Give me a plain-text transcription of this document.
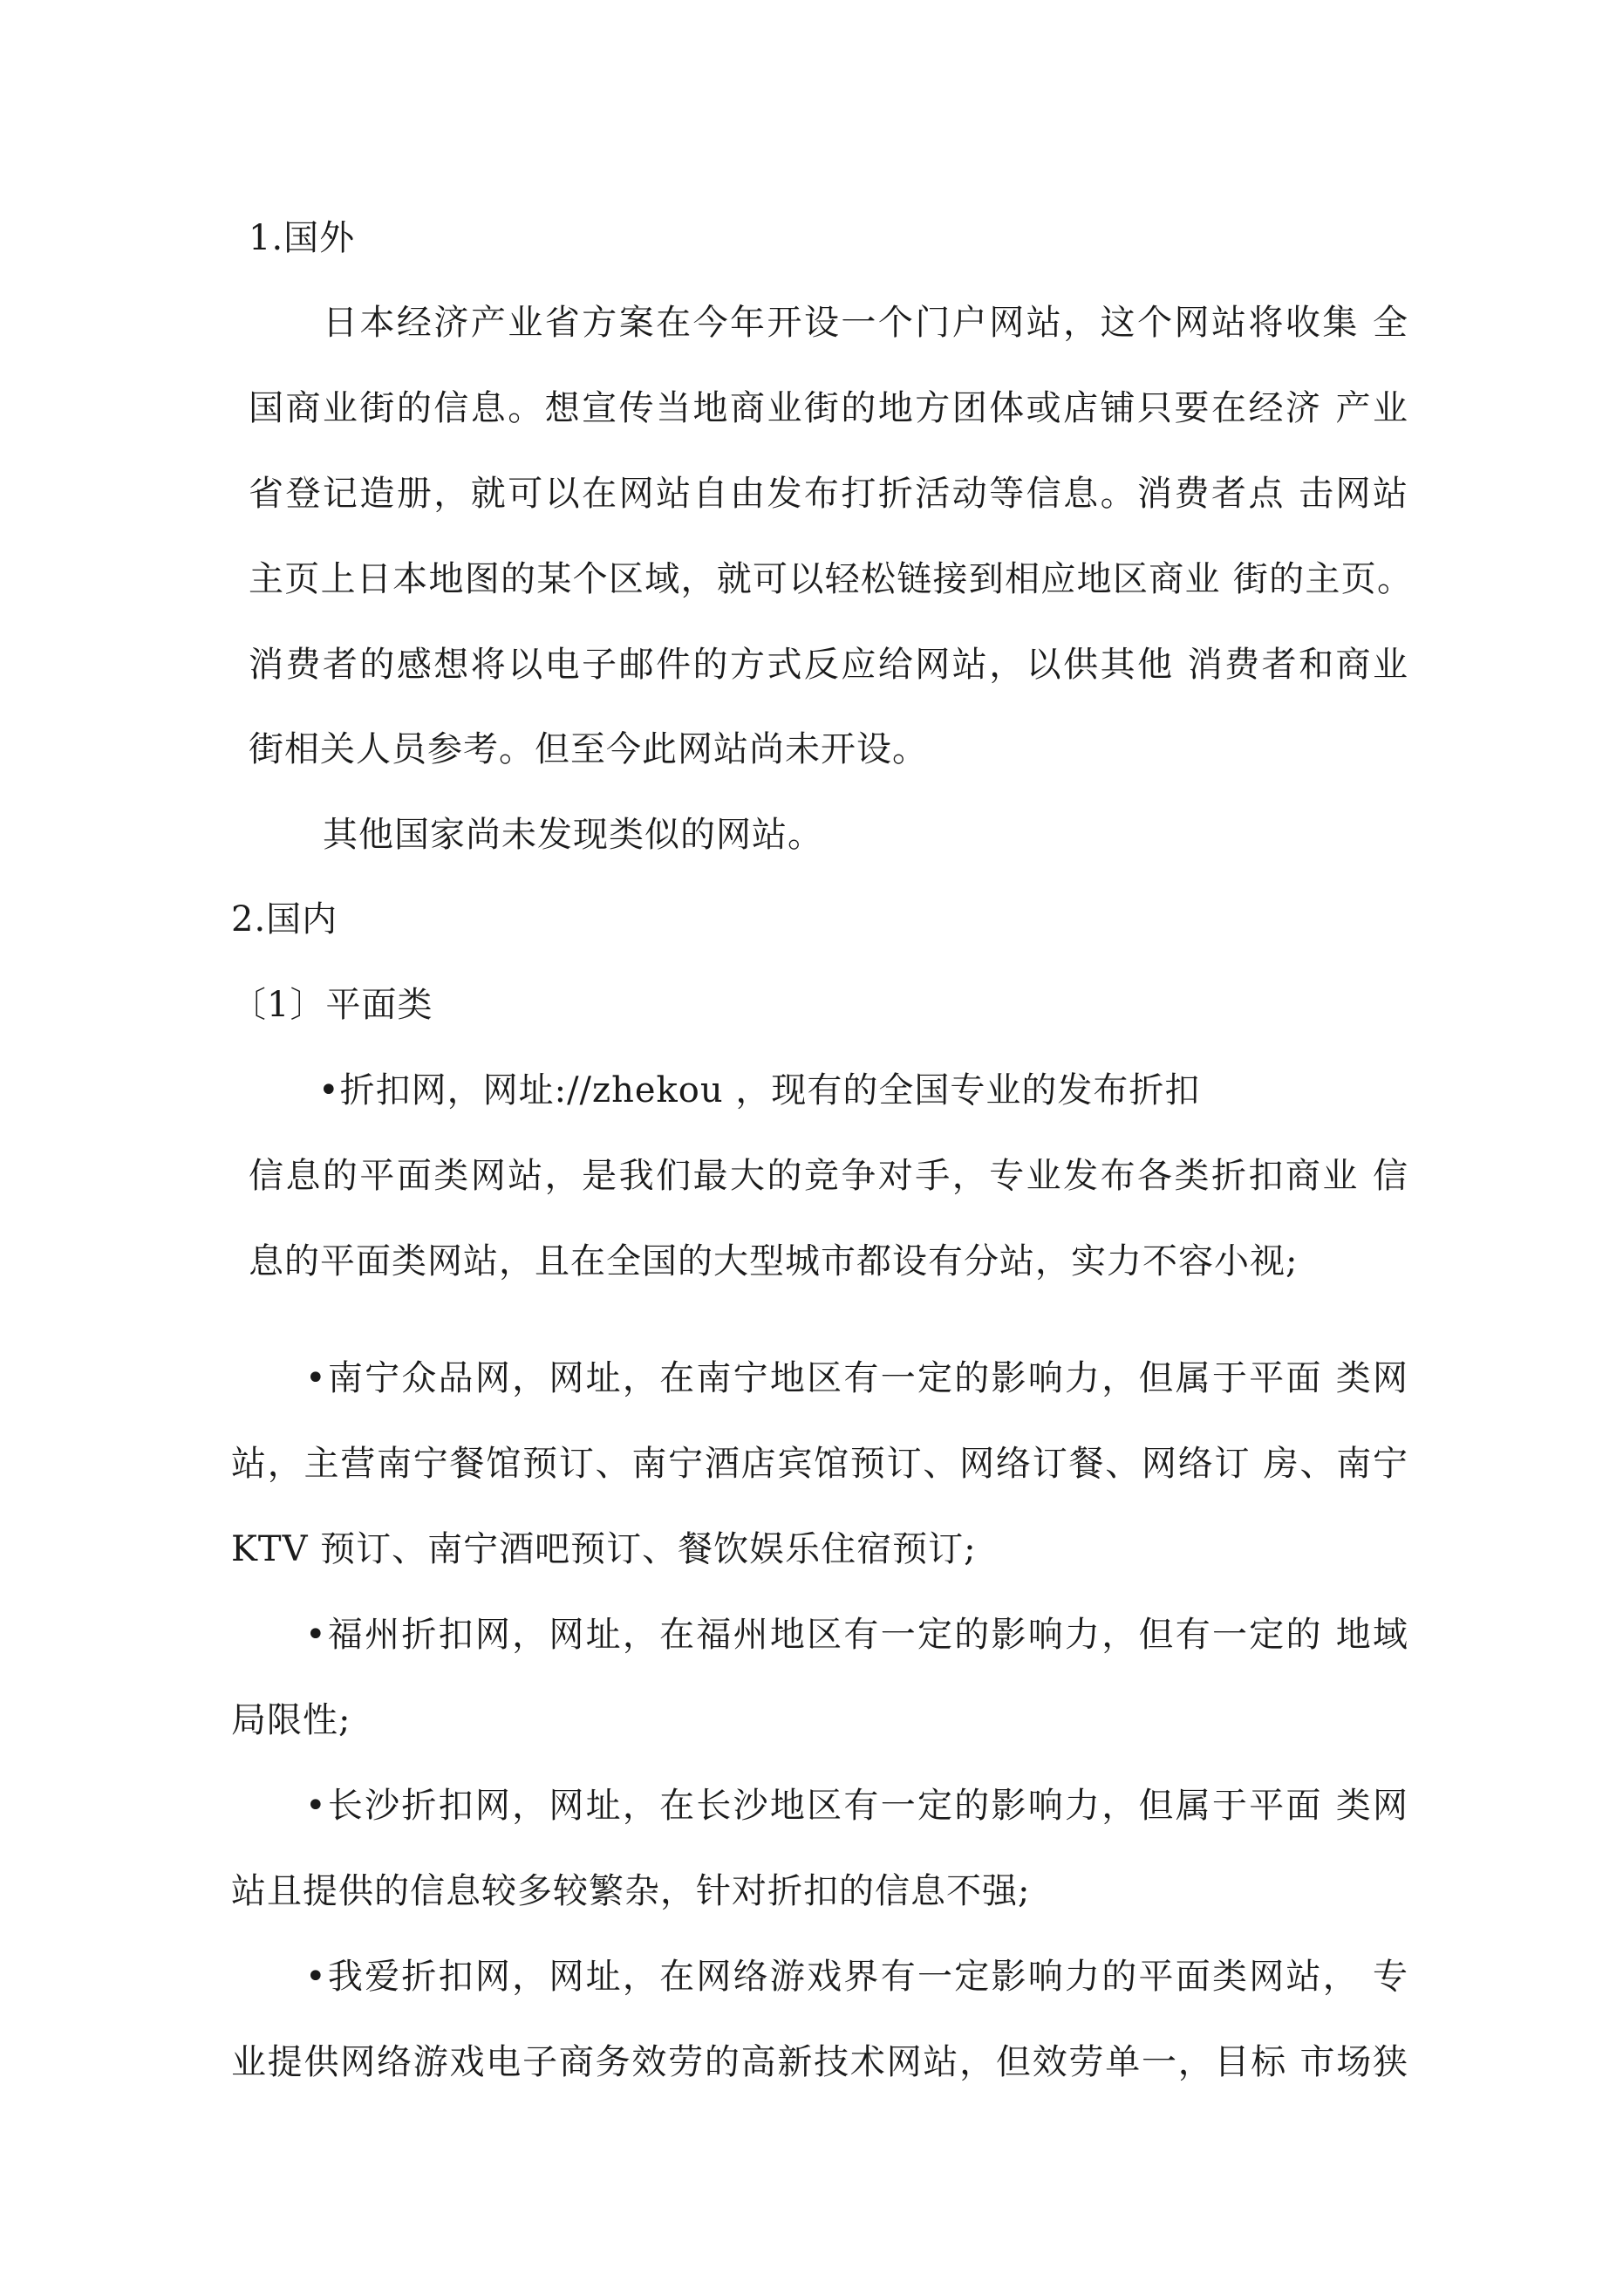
1.国外
日本经济产业省方案在今年开设一个门户网站，这个网站将收集 全
国商业街的信息。想宣传当地商业街的地方团体或店铺只要在经济 产业
省登记造册，就可以在网站自由发布打折活动等信息。消费者点 击网站
主页上日本地图的某个区域，就可以轻松链接到相应地区商业 街的主页。
消费者的感想将以电子邮件的方式反应给网站，以供其他 消费者和商业
街相关人员参考。但至今此网站尚未开设。
其他国家尚未发现类似的网站。
2.国内
〔1〕平面类
•折扣网，网址://zhekou ，现有的全国专业的发布折扣
信息的平面类网站，是我们最大的竞争对手，专业发布各类折扣商业 信
息的平面类网站，且在全国的大型城市都设有分站，实力不容小视;
•南宁众品网，网址，在南宁地区有一定的影响力，但属于平面 类网
站，主营南宁餐馆预订、南宁酒店宾馆预订、网络订餐、网络订 房、南宁
KTV 预订、南宁酒吧预订、餐饮娱乐住宿预订;
•福州折扣网，网址，在福州地区有一定的影响力，但有一定的 地域
局限性;
•长沙折扣网，网址，在长沙地区有一定的影响力，但属于平面 类网
站且提供的信息较多较繁杂，针对折扣的信息不强;
•我爱折扣网，网址，在网络游戏界有一定影响力的平面类网站， 专
业提供网络游戏电子商务效劳的高新技术网站，但效劳单一，目标 市场狭
